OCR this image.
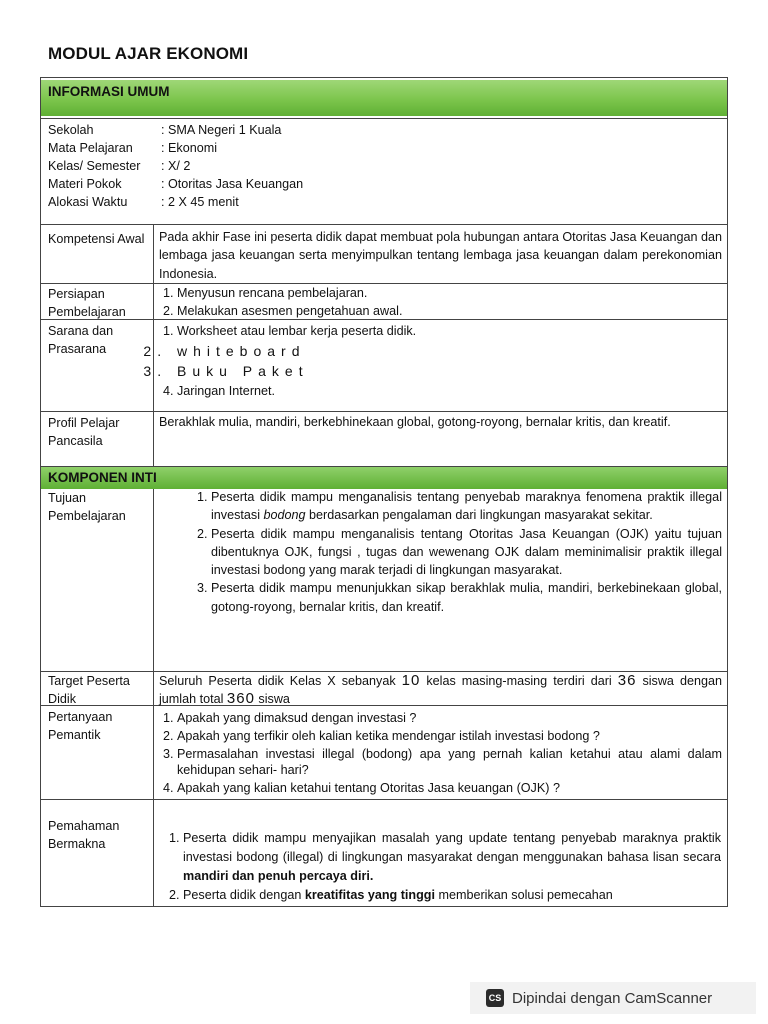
MODUL AJAR EKONOMI
INFORMASI UMUM
Sekolah	: SMA Negeri 1 Kuala
Mata Pelajaran : Ekonomi
Kelas/ Semester : X/ 2
Materi Pokok	: Otoritas Jasa Keuangan
Alokasi Waktu	: 2 X 45 menit
Kompetensi Awal Pada akhir Fase ini peserta didik dapat membuat pola hubungan antara Otoritas Jasa Keuangan dan lembaga jasa keuangan serta menyimpulkan tentang lembaga jasa keuangan dalam perekonomian Indonesia.
Persiapan Pembelajaran
1. Menyusun rencana pembelajaran.
2. Melakukan asesmen pengetahuan awal.
Sarana dan Prasarana
1. Worksheet atau lembar kerja peserta didik.
2. whiteboard
3. Buku Paket
4. Jaringan Internet.
Profil Pelajar Pancasila
Berakhlak mulia, mandiri, berkebhinekaan global, gotong-royong, bernalar kritis, dan kreatif.
KOMPONEN INTI
Tujuan Pembelajaran
1. Peserta didik mampu menganalisis tentang penyebab maraknya fenomena praktik illegal investasi bodong berdasarkan pengalaman dari lingkungan masyarakat sekitar.
2. Peserta didik mampu menganalisis tentang Otoritas Jasa Keuangan (OJK) yaitu tujuan dibentuknya OJK, fungsi , tugas dan wewenang OJK dalam meminimalisir praktik illegal investasi bodong yang marak terjadi di lingkungan masyarakat.
3. Peserta didik mampu menunjukkan sikap berakhlak mulia, mandiri, berkebinekaan global, gotong-royong, bernalar kritis, dan kreatif.
Target Peserta Didik
Seluruh Peserta didik Kelas X sebanyak 10 kelas masing-masing terdiri dari 36 siswa dengan jumlah total 360 siswa
Pertanyaan Pemantik
1. Apakah yang dimaksud dengan investasi ?
2. Apakah yang terfikir oleh kalian ketika mendengar istilah investasi bodong ?
3. Permasalahan investasi illegal (bodong) apa yang pernah kalian ketahui atau alami dalam kehidupan sehari- hari?
4. Apakah yang kalian ketahui tentang Otoritas Jasa keuangan (OJK) ?
Pemahaman Bermakna
1.	Peserta didik mampu menyajikan masalah yang update tentang penyebab maraknya praktik investasi bodong (illegal) di lingkungan masyarakat dengan menggunakan bahasa lisan secara mandiri dan penuh percaya diri.
2. Peserta didik dengan kreatifitas yang tinggi memberikan solusi pemecahan
CS Dipindai dengan CamScanner
